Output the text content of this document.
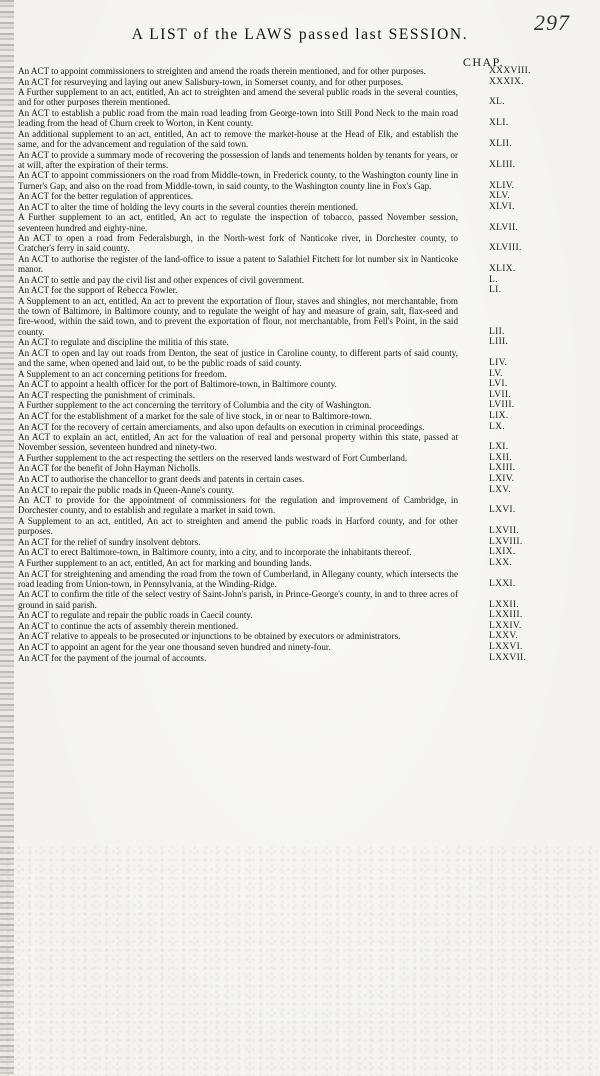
297
A LIST of the LAWS passed last SESSION.
CHAP.
An ACT to appoint commissioners to streighten and amend the roads therein mentioned, and for other purposes.	XXXVIII.
An ACT for resurveying and laying out anew Salisbury-town, in Somerset county, and for other purposes.	XXXIX.
A Further supplement to an act, entitled, An act to streighten and amend the several public roads in the several counties, and for other purposes therein mentioned.	XL.
An ACT to establish a public road from the main road leading from George-town into Still Pond Neck to the main road leading from the head of Churn creek to Worton, in Kent county.	XLI.
An additional supplement to an act, entitled, An act to remove the market-house at the Head of Elk, and establish the same, and for the advancement and regulation of the said town.	XLII.
An ACT to provide a summary mode of recovering the possession of lands and tenements holden by tenants for years, or at will, after the expiration of their terms.	XLIII.
An ACT to appoint commissioners on the road from Middle-town, in Frederick county, to the Washington county line in Turner's Gap, and also on the road from Middle-town, in said county, to the Washington county line in Fox's Gap.	XLIV.
An ACT for the better regulation of apprentices.	XLV.
An ACT to alter the time of holding the levy courts in the several counties therein mentioned.	XLVI.
A Further supplement to an act, entitled, An act to regulate the inspection of tobacco, passed November session, seventeen hundred and eighty-nine.	XLVII.
An ACT to open a road from Federalsburgh, in the North-west fork of Nanticoke river, in Dorchester county, to Cratcher's ferry in said county.	XLVIII.
An ACT to authorise the register of the land-office to issue a patent to Salathiel Fitchett for lot number six in Nanticoke manor.	XLIX.
An ACT to settle and pay the civil list and other expences of civil government.	L.
An ACT for the support of Rebecca Fowler.	LI.
A Supplement to an act, entitled, An act to prevent the exportation of flour, staves and shingles, not merchantable, from the town of Baltimore, in Baltimore county, and to regulate the weight of hay and measure of grain, salt, flax-seed and fire-wood, within the said town, and to prevent the exportation of flour, not merchantable, from Fell's Point, in the said county.	LII.
An ACT to regulate and discipline the militia of this state.	LIII.
An ACT to open and lay out roads from Denton, the seat of justice in Caroline county, to different parts of said county, and the same, when opened and laid out, to be the public roads of said county.	LIV.
A Supplement to an act concerning petitions for freedom.	LV.
An ACT to appoint a health officer for the port of Baltimore-town, in Baltimore county.	LVI.
An ACT respecting the punishment of criminals.	LVII.
A Further supplement to the act concerning the territory of Columbia and the city of Washington.	LVIII.
An ACT for the establishment of a market for the sale of live stock, in or near to Baltimore-town.	LIX.
An ACT for the recovery of certain amerciaments, and also upon defaults on execution in criminal proceedings.	LX.
An ACT to explain an act, entitled, An act for the valuation of real and personal property within this state, passed at November session, seventeen hundred and ninety-two.	LXI.
A Further supplement to the act respecting the settlers on the reserved lands westward of Fort Cumberland.	LXII.
An ACT for the benefit of John Hayman Nicholls.	LXIII.
An ACT to authorise the chancellor to grant deeds and patents in certain cases.	LXIV.
An ACT to repair the public roads in Queen-Anne's county.	LXV.
An ACT to provide for the appointment of commissioners for the regulation and improvement of Cambridge, in Dorchester county, and to establish and regulate a market in said town.	LXVI.
A Supplement to an act, entitled, An act to streighten and amend the public roads in Harford county, and for other purposes.	LXVII.
An ACT for the relief of sundry insolvent debtors.	LXVIII.
An ACT to erect Baltimore-town, in Baltimore county, into a city, and to incorporate the inhabitants thereof.	LXIX.
A Further supplement to an act, entitled, An act for marking and bounding lands.	LXX.
An ACT for streightening and amending the road from the town of Cumberland, in Allegany county, which intersects the road leading from Union-town, in Pennsylvania, at the Winding-Ridge.	LXXI.
An ACT to confirm the title of the select vestry of Saint-John's parish, in Prince-George's county, in and to three acres of ground in said parish.	LXXII.
An ACT to regulate and repair the public roads in Caecil county.	LXXIII.
An ACT to continue the acts of assembly therein mentioned.	LXXIV.
An ACT relative to appeals to be prosecuted or injunctions to be obtained by executors or administrators.	LXXV.
An ACT to appoint an agent for the year one thousand seven hundred and ninety-four.	LXXVI.
An ACT for the payment of the journal of accounts.	LXXVII.
